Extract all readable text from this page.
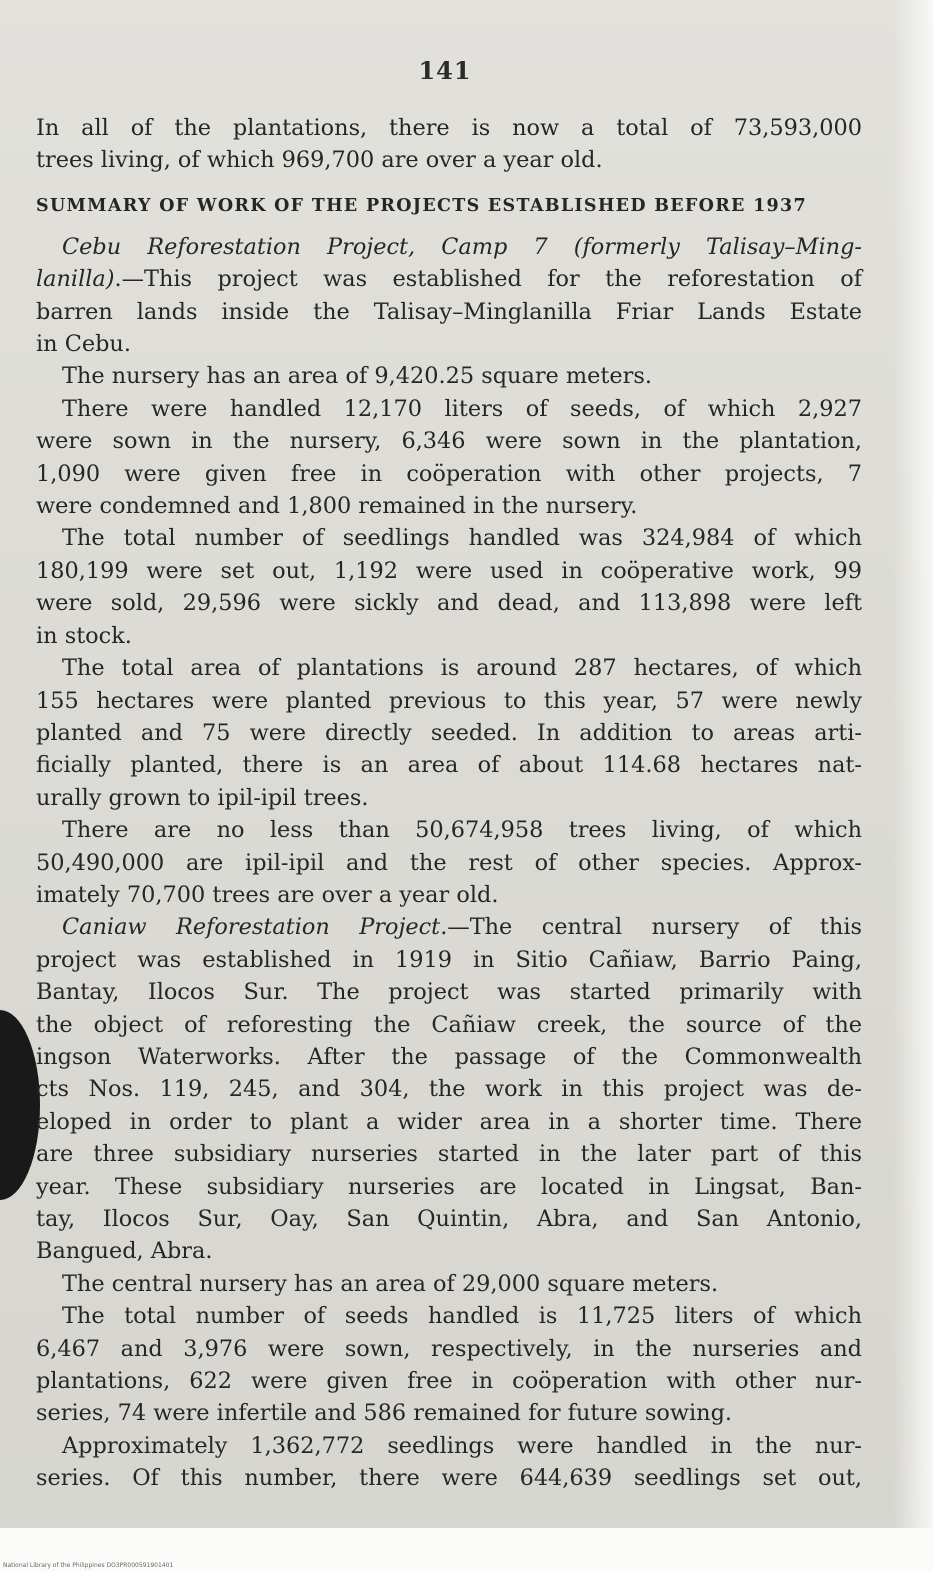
141

In all of the plantations, there is now a total of 73,593,000
trees living, of which 969,700 are over a year old.

SUMMARY OF WORK OF THE PROJECTS ESTABLISHED BEFORE 1937

Cebu Reforestation Project, Camp 7 (formerly Talisay–Ming-
lanilla).—This project was established for the reforestation of
barren lands inside the Talisay–Minglanilla Friar Lands Estate
in Cebu.

The nursery has an area of 9,420.25 square meters.

There were handled 12,170 liters of seeds, of which 2,927
were sown in the nursery, 6,346 were sown in the plantation,
1,090 were given free in coöperation with other projects, 7
were condemned and 1,800 remained in the nursery.

The total number of seedlings handled was 324,984 of which
180,199 were set out, 1,192 were used in coöperative work, 99
were sold, 29,596 were sickly and dead, and 113,898 were left
in stock.

The total area of plantations is around 287 hectares, of which
155 hectares were planted previous to this year, 57 were newly
planted and 75 were directly seeded. In addition to areas arti-
ficially planted, there is an area of about 114.68 hectares nat-
urally grown to ipil-ipil trees.

There are no less than 50,674,958 trees living, of which
50,490,000 are ipil-ipil and the rest of other species. Approx-
imately 70,700 trees are over a year old.

Caniaw Reforestation Project.—The central nursery of this
project was established in 1919 in Sitio Cañiaw, Barrio Paing,
Bantay, Ilocos Sur. The project was started primarily with
the object of reforesting the Cañiaw creek, the source of the
ingson Waterworks. After the passage of the Commonwealth
cts Nos. 119, 245, and 304, the work in this project was de-
eloped in order to plant a wider area in a shorter time. There
are three subsidiary nurseries started in the later part of this
year. These subsidiary nurseries are located in Lingsat, Ban-
tay, Ilocos Sur, Oay, San Quintin, Abra, and San Antonio,
Bangued, Abra.

The central nursery has an area of 29,000 square meters.

The total number of seeds handled is 11,725 liters of which
6,467 and 3,976 were sown, respectively, in the nurseries and
plantations, 622 were given free in coöperation with other nur-
series, 74 were infertile and 586 remained for future sowing.

Approximately 1,362,772 seedlings were handled in the nur-
series. Of this number, there were 644,639 seedlings set out,

National Library of the Philippines DO3PR000591901401
